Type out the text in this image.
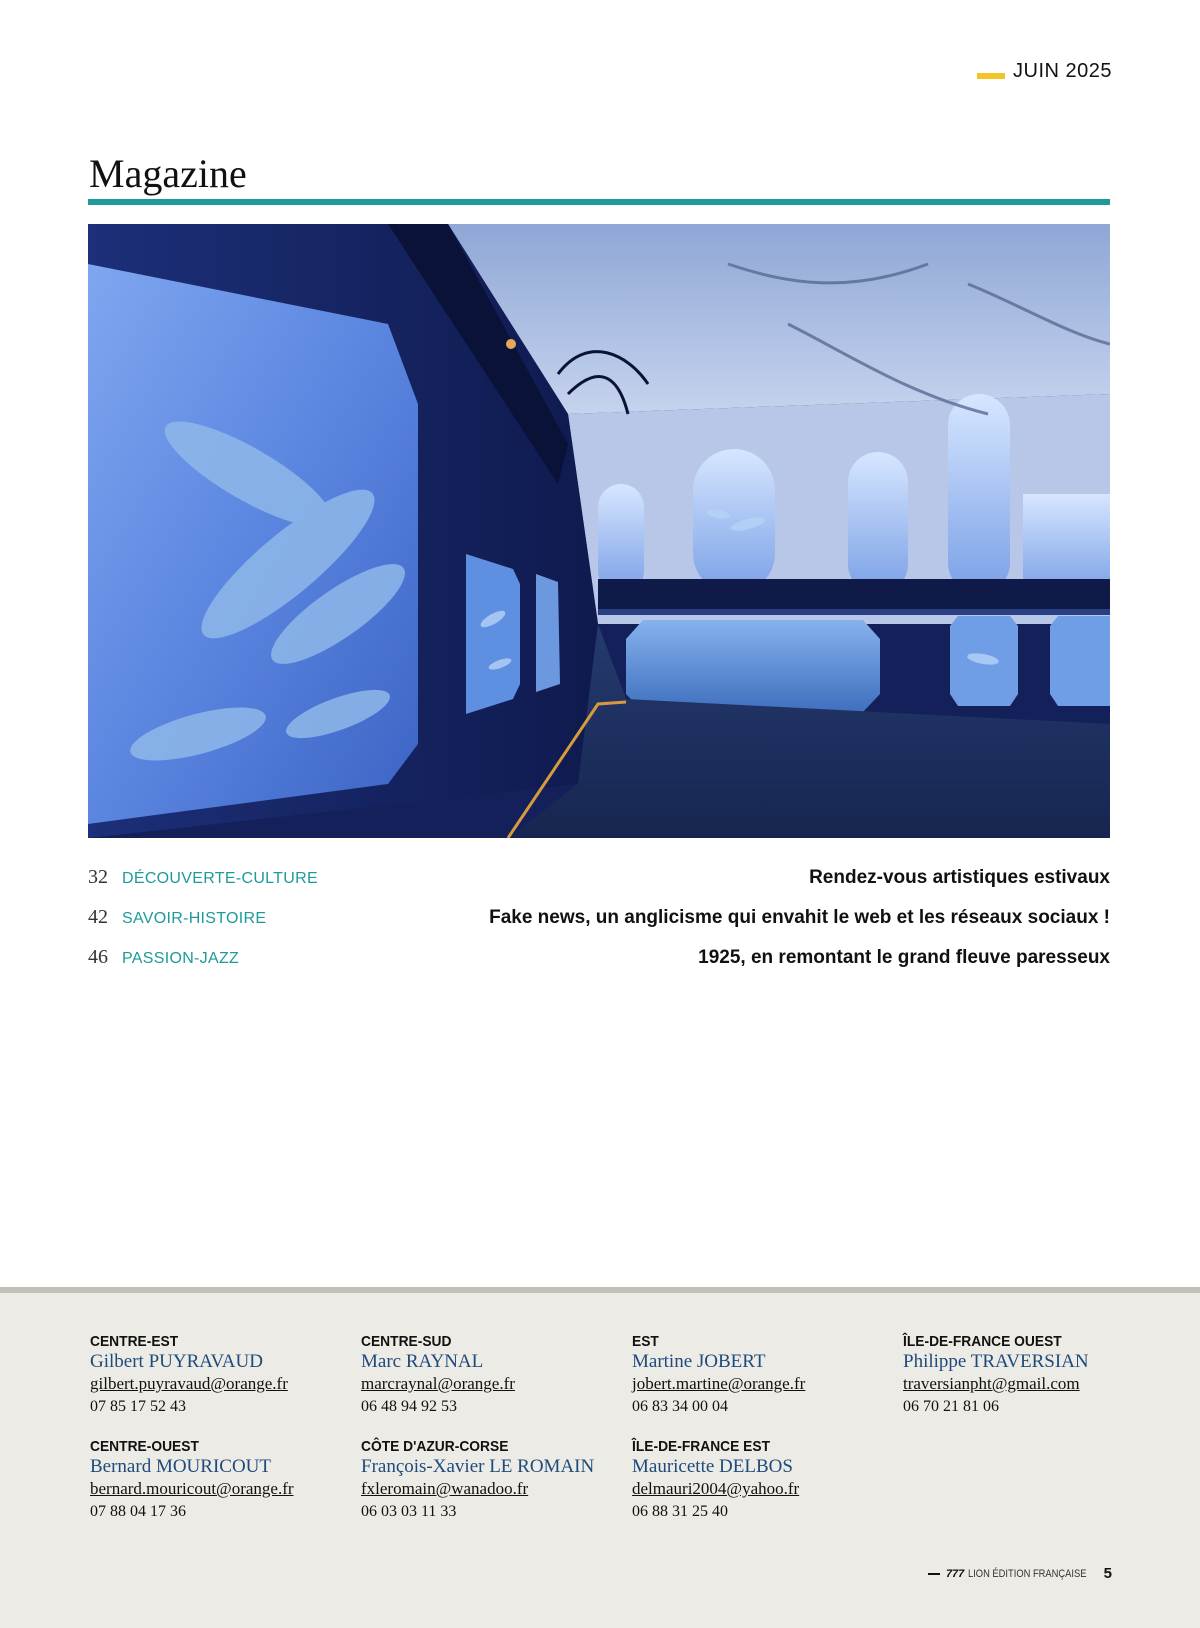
JUIN 2025
Magazine
32 DÉCOUVERTE-CULTURE	Rendez-vous artistiques estivaux
42 SAVOIR-HISTOIRE	Fake news, un anglicisme qui envahit le web et les réseaux sociaux !
46 PASSION-JAZZ	1925, en remontant le grand fleuve paresseux
CENTRE-EST
Gilbert PUYRAVAUD
gilbert.puyravaud@orange.fr
07 85 17 52 43
CENTRE-SUD
Marc RAYNAL
marcraynal@orange.fr
06 48 94 92 53
EST
Martine JOBERT
jobert.martine@orange.fr
06 83 34 00 04
ÎLE-DE-FRANCE OUEST
Philippe TRAVERSIAN
traversianpht@gmail.com
06 70 21 81 06
CENTRE-OUEST
Bernard MOURICOUT
bernard.mouricout@orange.fr
07 88 04 17 36
CÔTE D'AZUR-CORSE
François-Xavier LE ROMAIN
fxleromain@wanadoo.fr
06 03 03 11 33
ÎLE-DE-FRANCE EST
Mauricette DELBOS
delmauri2004@yahoo.fr
06 88 31 25 40
777 LION ÉDITION FRANÇAISE 5
